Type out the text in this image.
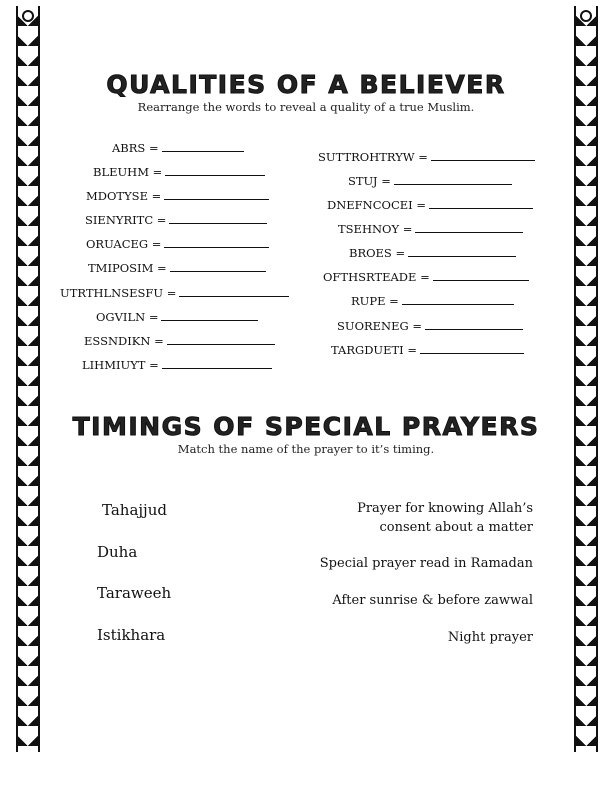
QUALITIES OF A BELIEVER
Rearrange the words to reveal a quality of a true Muslim.
ABRS =
BLEUHM =
MDOTYSE =
SIENYRITC =
ORUACEG =
TMIPOSIM =
UTRTHLNSESFU =
OGVILN =
ESSNDIKN =
LIHMIUYT =
SUTTROHTRYW =
STUJ =
DNEFNCOCEI =
TSEHNOY =
BROES =
OFTHSRTEADE =
RUPE =
SUORENEG =
TARGDUETI =
TIMINGS OF SPECIAL PRAYERS
Match the name of the prayer to it’s timing.
Tahajjud
Duha
Taraweeh
Istikhara
Prayer for knowing Allah’s
consent about a matter
Special prayer read in Ramadan
After sunrise & before zawwal
Night prayer
